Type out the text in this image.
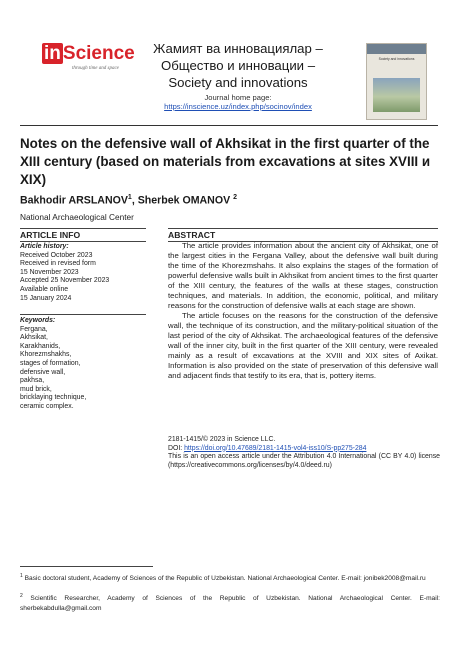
in Science
through time and space
Жамият ва инновациялар –
Общество и инновации –
Society and innovations
Journal home page:
https://inscience.uz/index.php/socinov/index
Society and innovations
Notes on the defensive wall of Akhsikat in the first quarter of the XIII century (based on materials from excavations at sites XVIII и XIX)
Bakhodir ARSLANOV$^1$, Sherbek OMANOV $^2$
National Archaeological Center
ARTICLE INFO
Article history:
Received October 2023
Received in revised form
15 November 2023
Accepted 25 November 2023
Available online
15 January 2024
Keywords:
Fergana,
Akhsikat,
Karakhanids,
Khorezmshakhs,
stages of formation,
defensive wall,
pakhsa,
mud brick,
bricklaying technique,
ceramic complex.
ABSTRACT

The article provides information about the ancient city of Akhsikat, one of the largest cities in the Fergana Valley, about the defensive wall built during the time of the Khorezmshahs. It also explains the stages of the formation of powerful defensive walls built in Akhsikat from ancient times to the first quarter of the XIII century, the features of the walls at these stages, construction techniques, and materials. In addition, the economic, political, and military reasons for the construction of defensive walls at each stage are shown.

The article focuses on the reasons for the construction of the defensive wall, the technique of its construction, and the military-political situation of the last period of the city of Akhsikat. The archaeological features of the defensive wall of the inner city, built in the first quarter of the XIII century, were revealed mainly as a result of excavations at the XVIII and XIX sites of Axikat. Information is also provided on the state of preservation of this defensive wall and adjacent finds that testify to its era, that is, pottery items.

2181-1415/© 2023 in Science LLC.
DOI: https://doi.org/10.47689/2181-1415-vol4-iss10/S-pp275-284
This is an open access article under the Attribution 4.0 International (CC BY 4.0) license (https://creativecommons.org/licenses/by/4.0/deed.ru)
$^1$ Basic doctoral student, Academy of Sciences of the Republic of Uzbekistan. National Archaeological Center. E-mail: jonibek2008@mail.ru
$^2$ Scientific Researcher, Academy of Sciences of the Republic of Uzbekistan. National Archaeological Center. E-mail: sherbekabdulla@gmail.com
